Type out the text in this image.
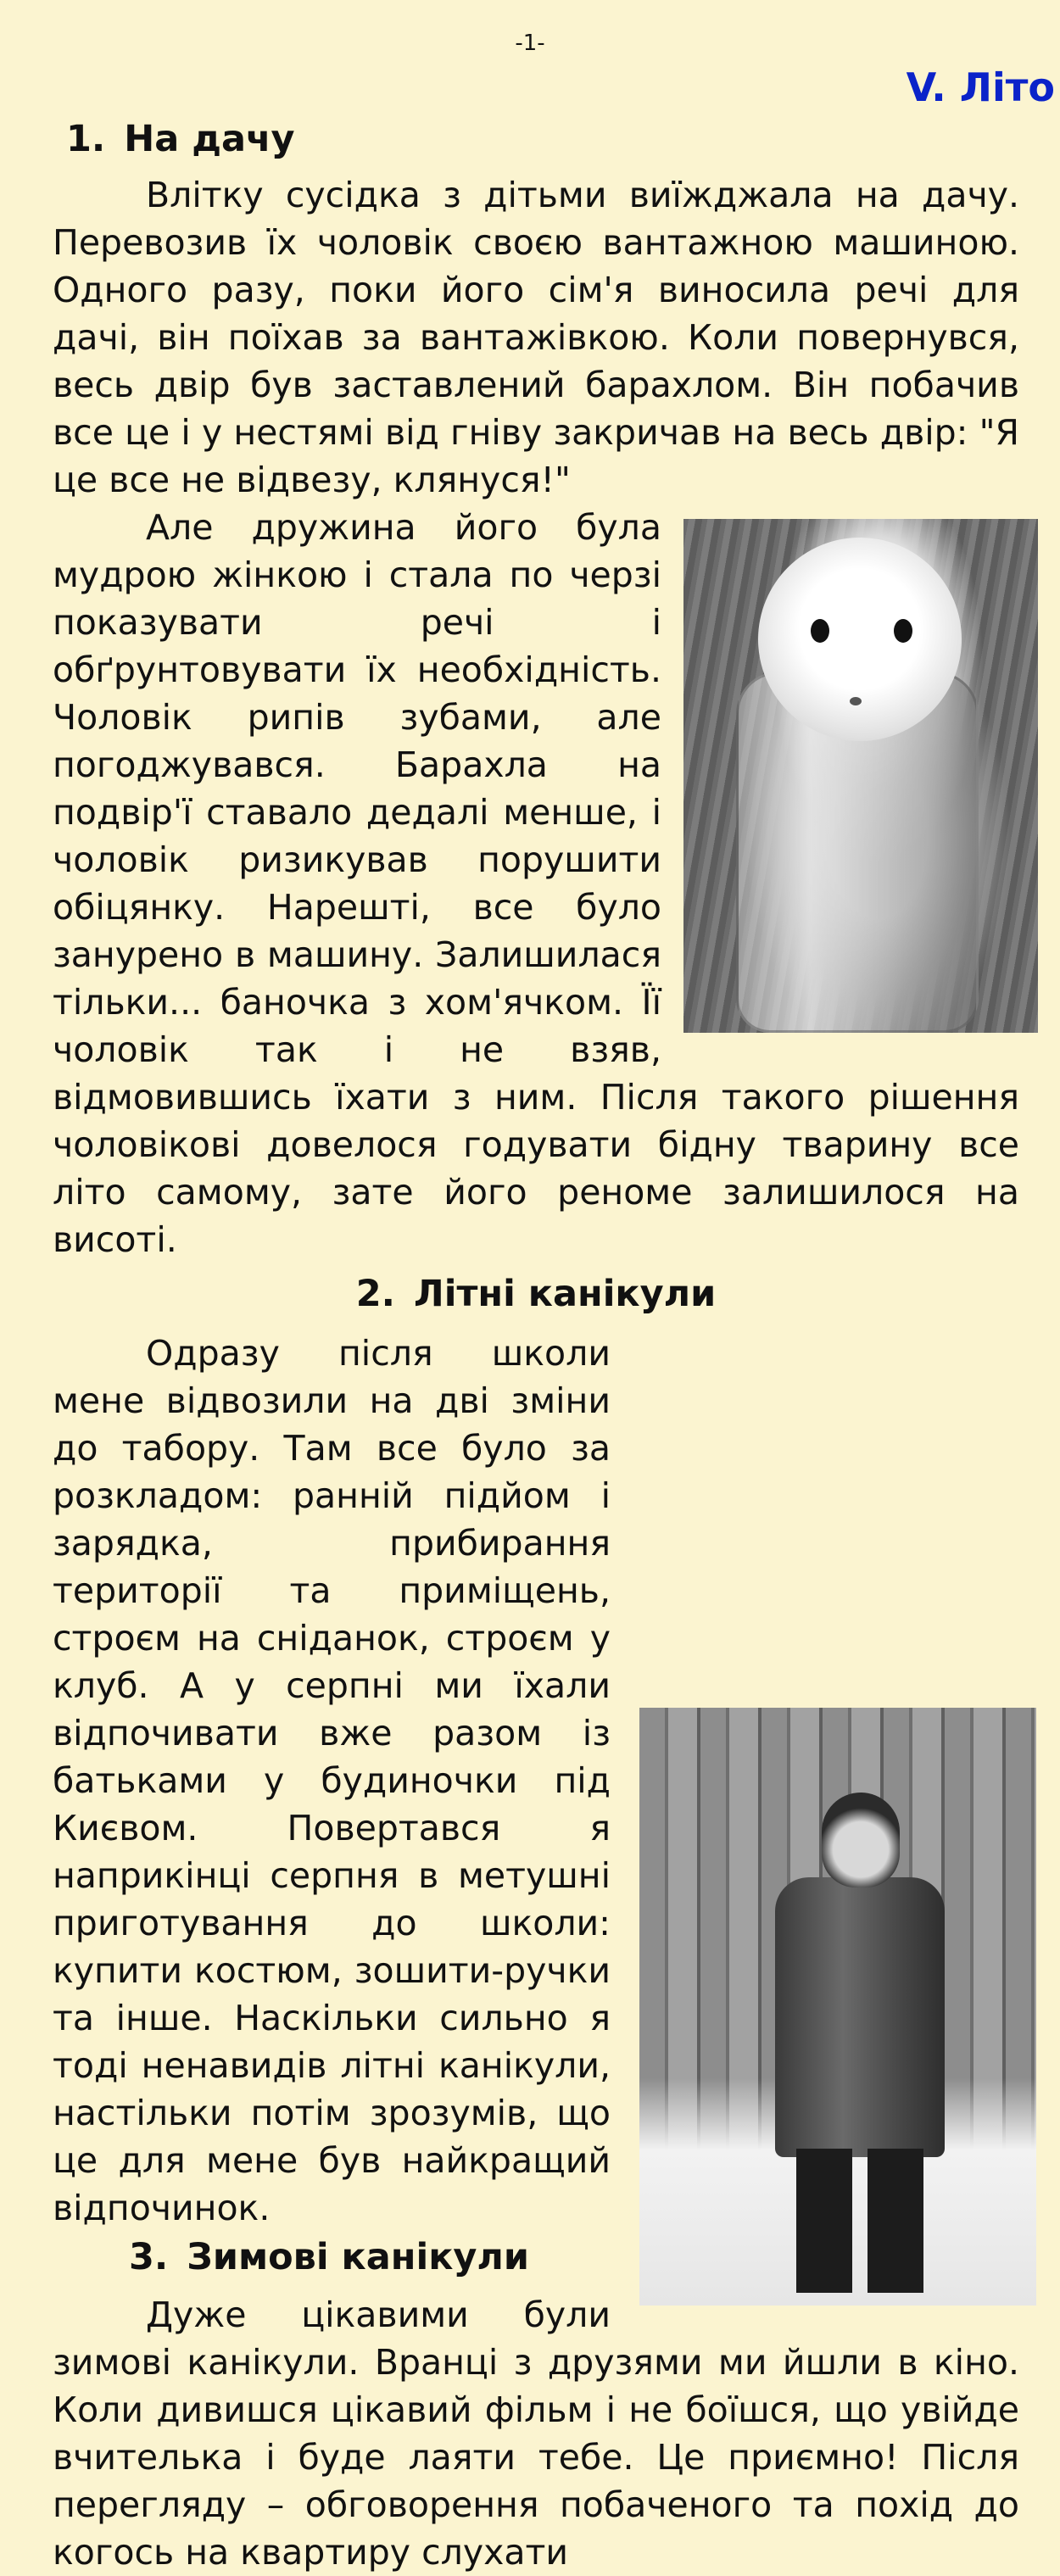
-1-
V. Літо
1. На дачу

Влітку сусідка з дітьми виїжджала на дачу. Перевозив їх чоловік своєю вантажною машиною. Одного разу, поки його сім'я виносила речі для дачі, він поїхав за вантажівкою. Коли повернувся, весь двір був заставлений барахлом. Він побачив все це і у нестямі від гніву закричав на весь двір: "Я це все не відвезу, клянуся!"

Але дружина його була мудрою жінкою і стала по черзі показувати речі і обґрунтовувати їх необхідність. Чоловік рипів зубами, але погоджувався. Барахла на подвір'ї ставало дедалі менше, і чоловік ризикував порушити обіцянку. Нарешті, все було занурено в машину. Залишилася тільки... баночка з хом'ячком. Її чоловік так і не взяв, відмовившись їхати з ним. Після такого рішення чоловікові довелося годувати бідну тварину все літо самому, зате його реноме залишилося на висоті.

2. Літні канікули

Одразу після школи мене відвозили на дві зміни до табору. Там все було за розкладом: ранній підйом і зарядка, прибирання території та приміщень, строєм на сніданок, строєм у клуб. А у серпні ми їхали відпочивати вже разом із батьками у будиночки під Києвом. Повертався я наприкінці серпня в метушні приготування до школи: купити костюм, зошити-ручки та інше. Наскільки сильно я тоді ненавидів літні канікули, настільки потім зрозумів, що це для мене був найкращий відпочинок.

3. Зимові канікули

Дуже цікавими були зимові канікули. Вранці з друзями ми йшли в кіно. Коли дивишся цікавий фільм і не боїшся, що увійде вчителька і буде лаяти тебе. Це приємно! Після перегляду – обговорення побаченого та похід до когось на квартиру слухати
